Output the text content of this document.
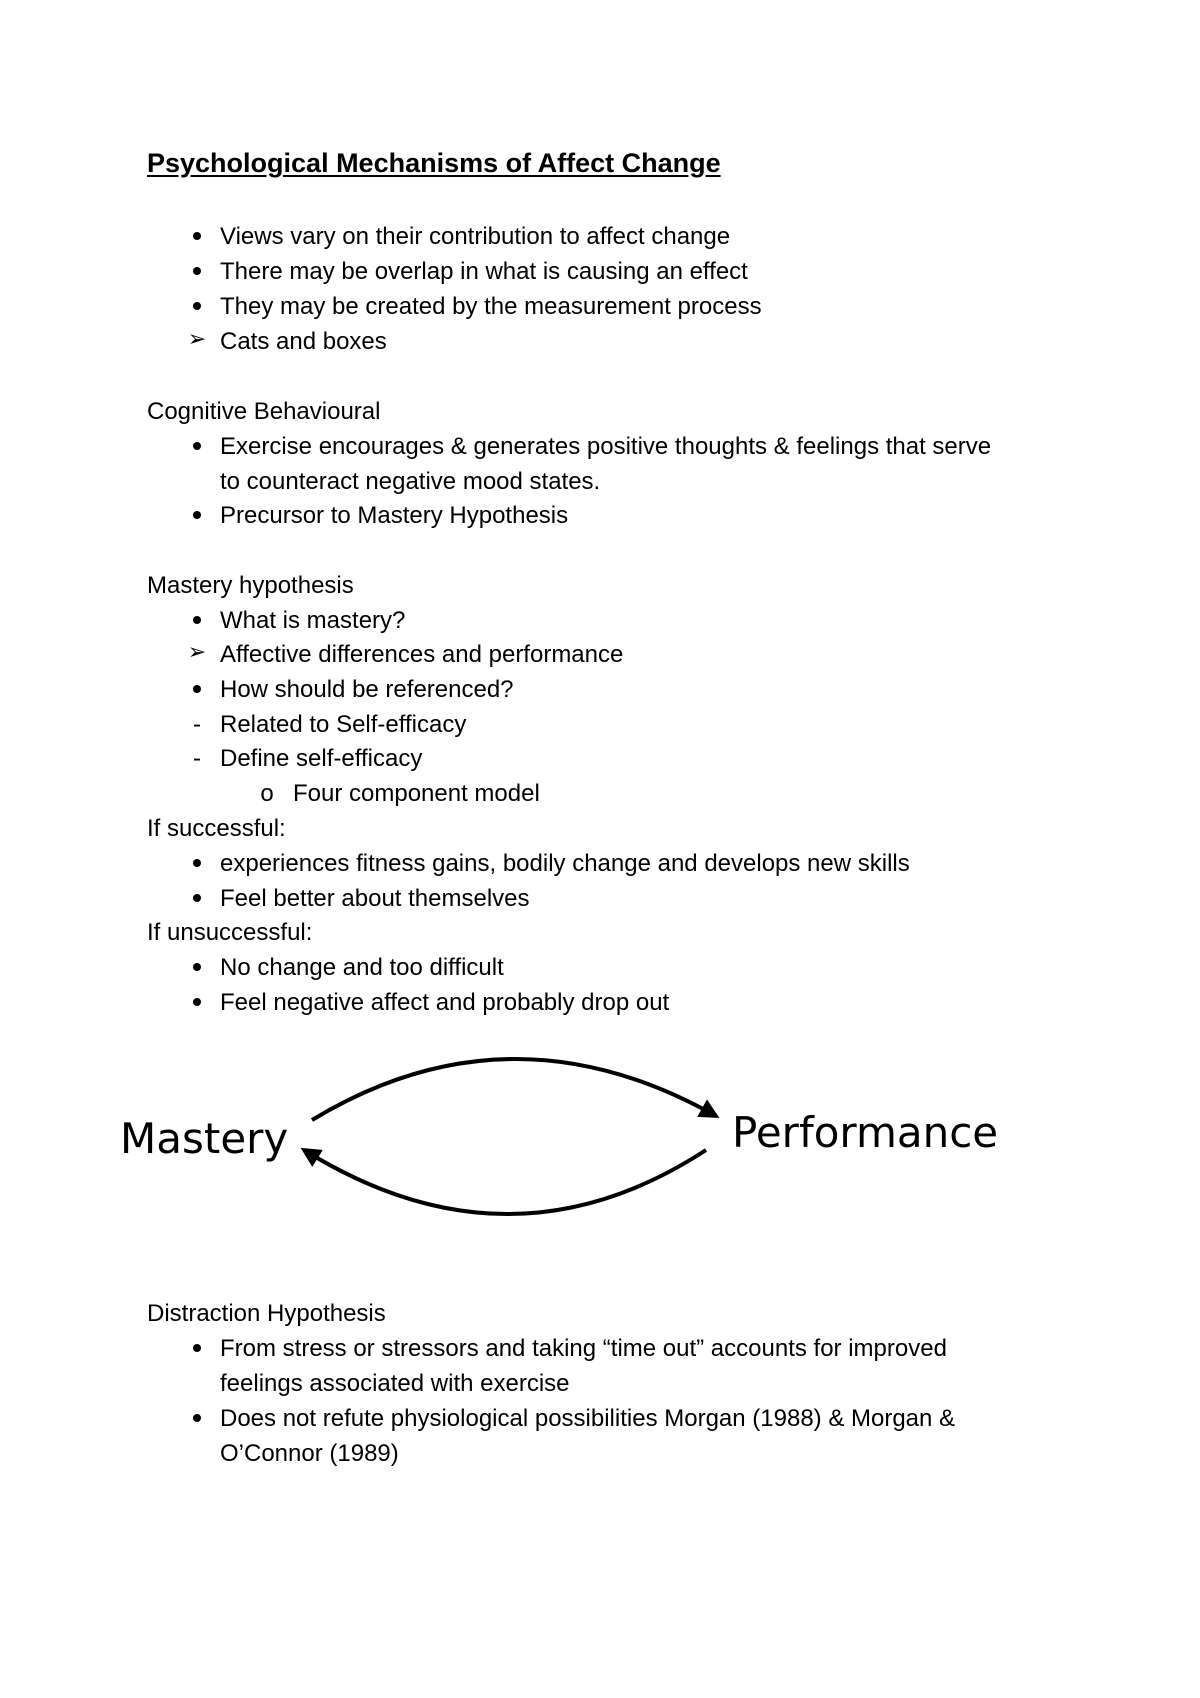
Psychological Mechanisms of Affect Change
Views vary on their contribution to affect change
There may be overlap in what is causing an effect
They may be created by the measurement process
➢ Cats and boxes
Cognitive Behavioural
Exercise encourages & generates positive thoughts & feelings that serve
to counteract negative mood states.
Precursor to Mastery Hypothesis
Mastery hypothesis
What is mastery?
➢ Affective differences and performance
How should be referenced?
- Related to Self-efficacy
- Define self-efficacy
o Four component model
If successful:
experiences fitness gains, bodily change and develops new skills
Feel better about themselves
If unsuccessful:
No change and too difficult
Feel negative affect and probably drop out
Mastery	Performance
Distraction Hypothesis
From stress or stressors and taking “time out” accounts for improved
feelings associated with exercise
Does not refute physiological possibilities Morgan (1988) & Morgan &
O’Connor (1989)
